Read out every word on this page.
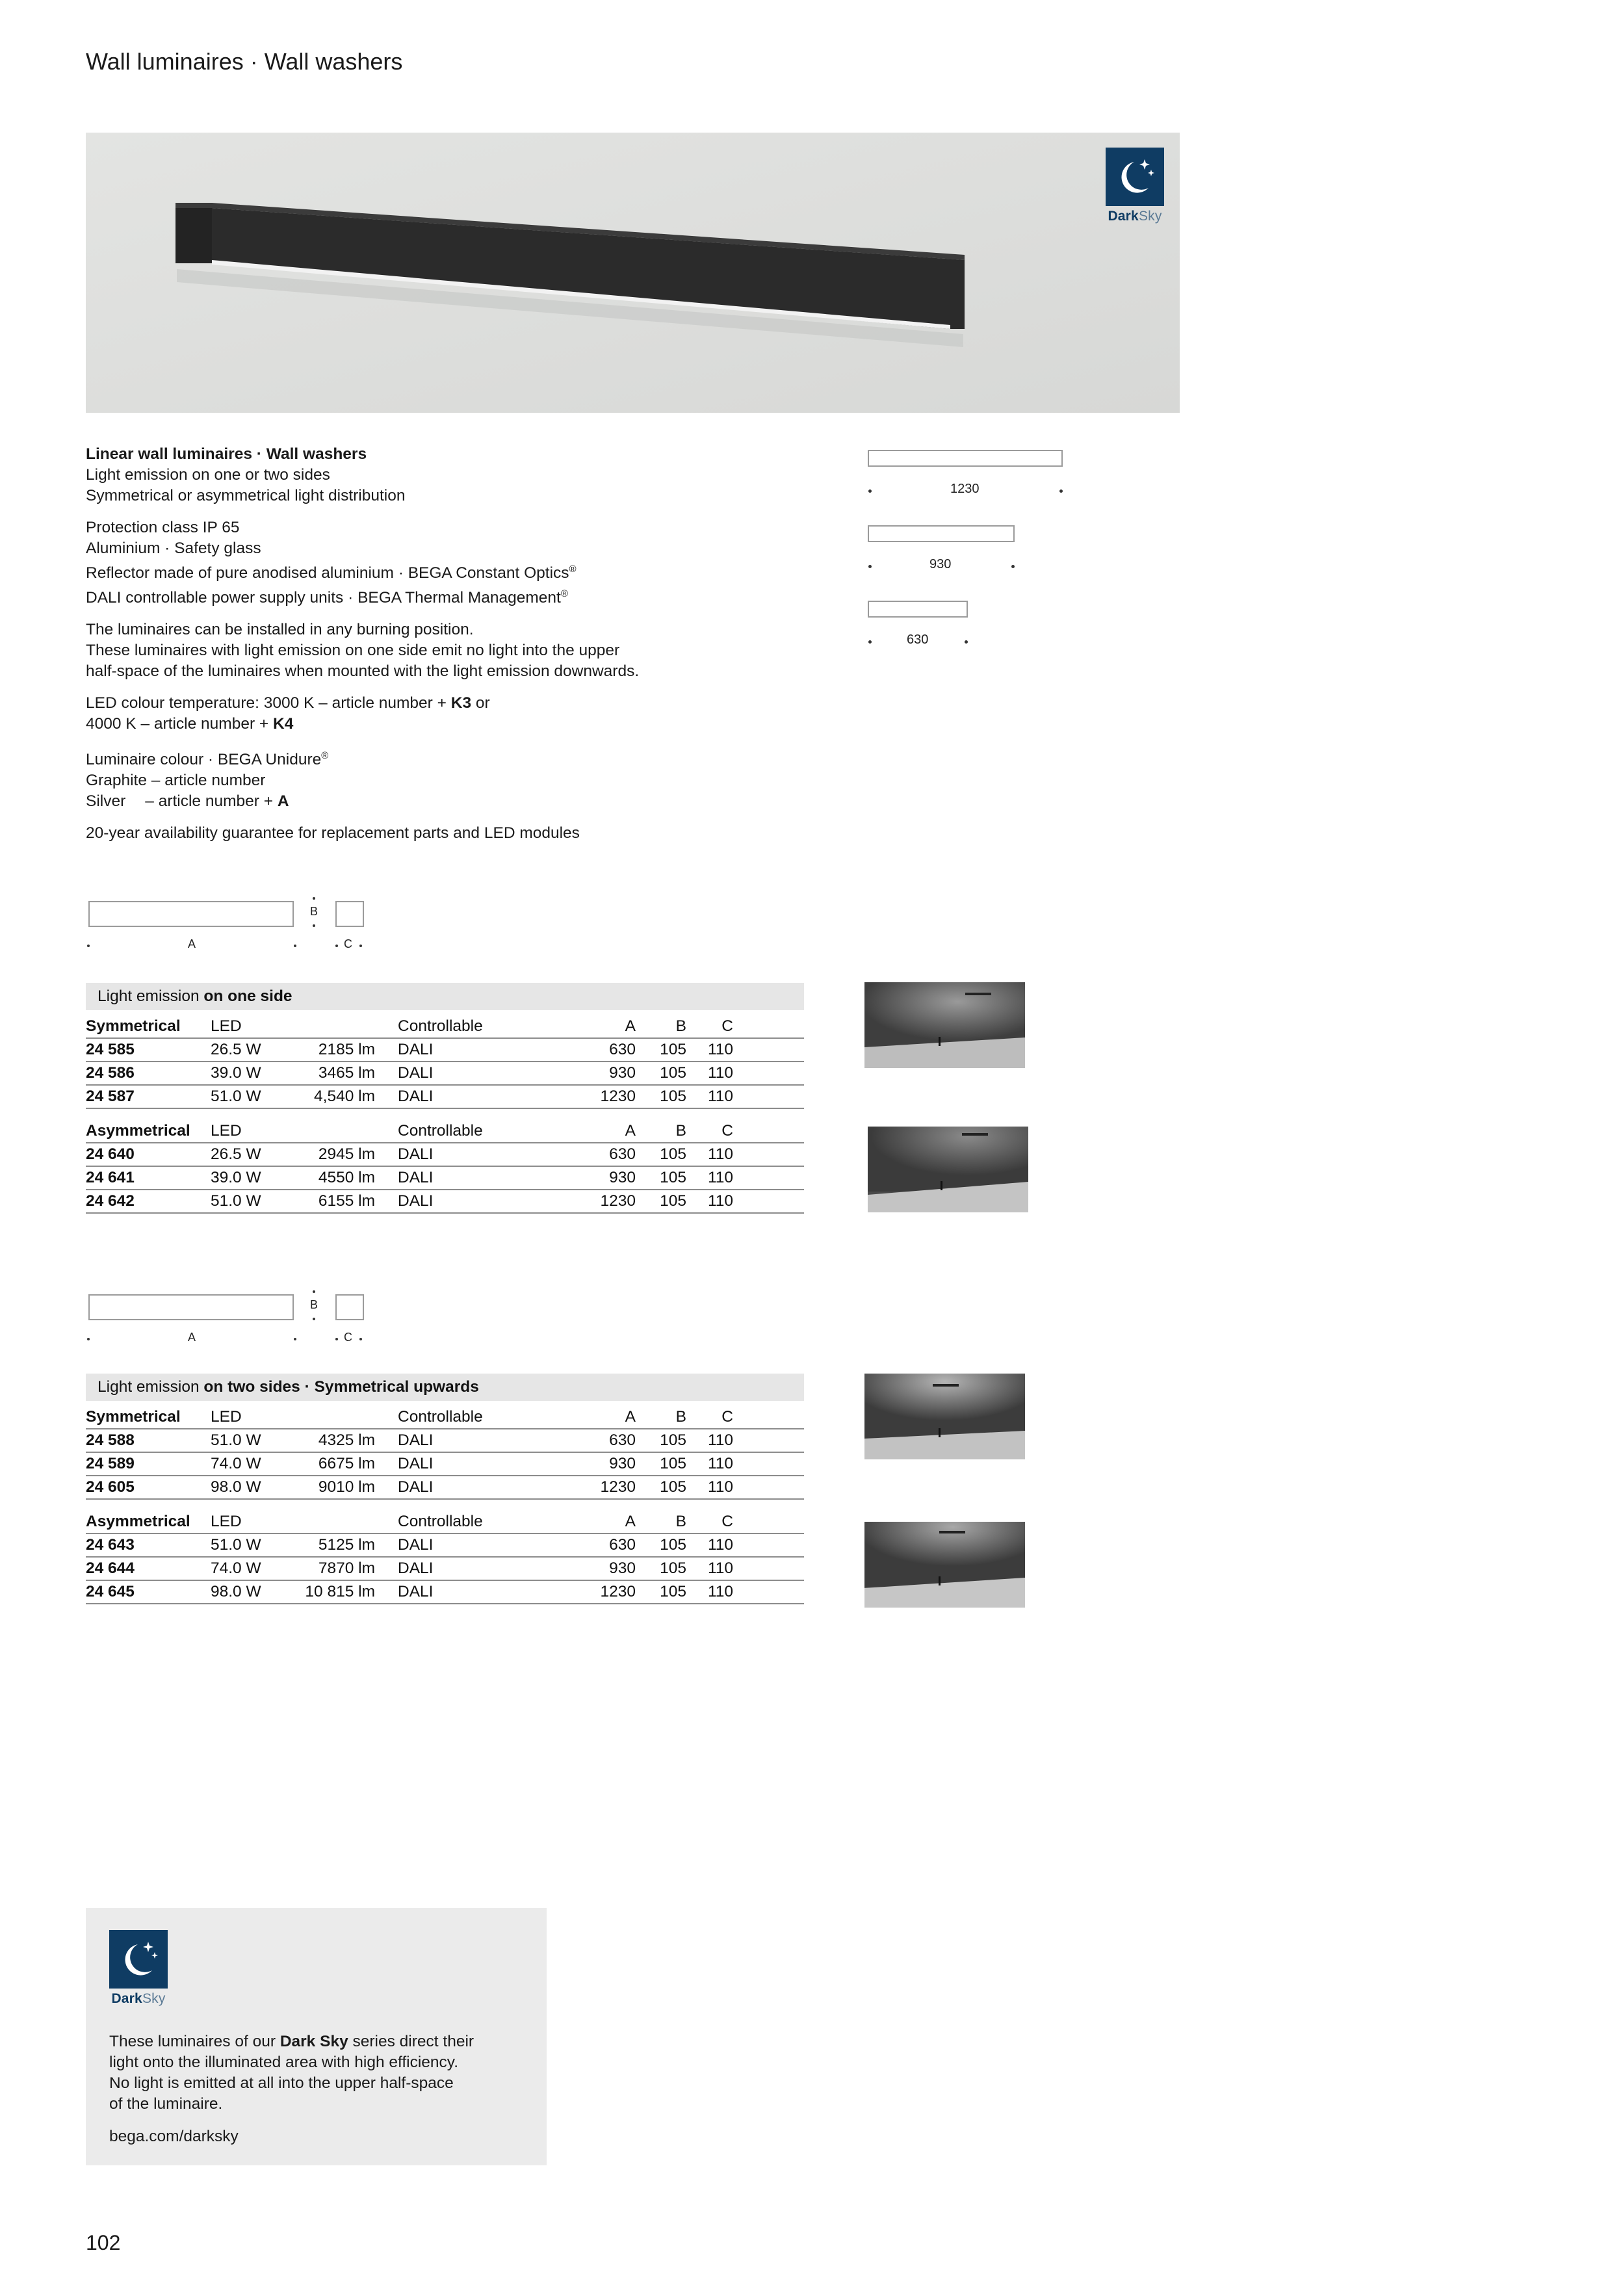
Wall luminaires · Wall washers
DarkSky

Linear wall luminaires · Wall washers
Light emission on one or two sides
Symmetrical or asymmetrical light distribution

Protection class IP 65
Aluminium · Safety glass
Reflector made of pure anodised aluminium · BEGA Constant Optics®
DALI controllable power supply units · BEGA Thermal Management®

The luminaires can be installed in any burning position.
These luminaires with light emission on one side emit no light into the upper
half-space of the luminaires when mounted with the light emission downwards.

LED colour temperature: 3000 K – article number + K3 or
4000 K – article number + K4

Luminaire colour · BEGA Unidure®
Graphite – article number
Silver – article number + A

20-year availability guarantee for replacement parts and LED modules

1230
930
630
B
A	C
Light emission on one side
Symmetrical	LED	Controllable	A	B	C
24 585	26.5 W	2185 lm DALI	630	105	110
24 586	39.0 W	3465 lm DALI	930	105	110
24 587	51.0 W	4,540 lm DALI	1230	105	110
Asymmetrical	LED	Controllable	A	B	C
24 640	26.5 W	2945 lm DALI	630	105	110
24 641	39.0 W	4550 lm DALI	930	105	110
24 642	51.0 W	6155 lm DALI	1230	105	110
B
A	C
Light emission on two sides · Symmetrical upwards
Symmetrical	LED	Controllable	A	B	C
24 588	51.0 W	4325 lm DALI	630	105	110
24 589	74.0 W	6675 lm DALI	930	105	110
24 605	98.0 W	9010 lm DALI	1230	105	110
Asymmetrical	LED	Controllable	A	B	C
24 643	51.0 W	5125 lm DALI	630	105	110
24 644	74.0 W	7870 lm DALI	930	105	110
24 645	98.0 W	10 815 lm DALI	1230	105	110
DarkSky

These luminaires of our Dark Sky series direct their
light onto the illuminated area with high efficiency.
No light is emitted at all into the upper half-space
of the luminaire.

bega.com/darksky

102
